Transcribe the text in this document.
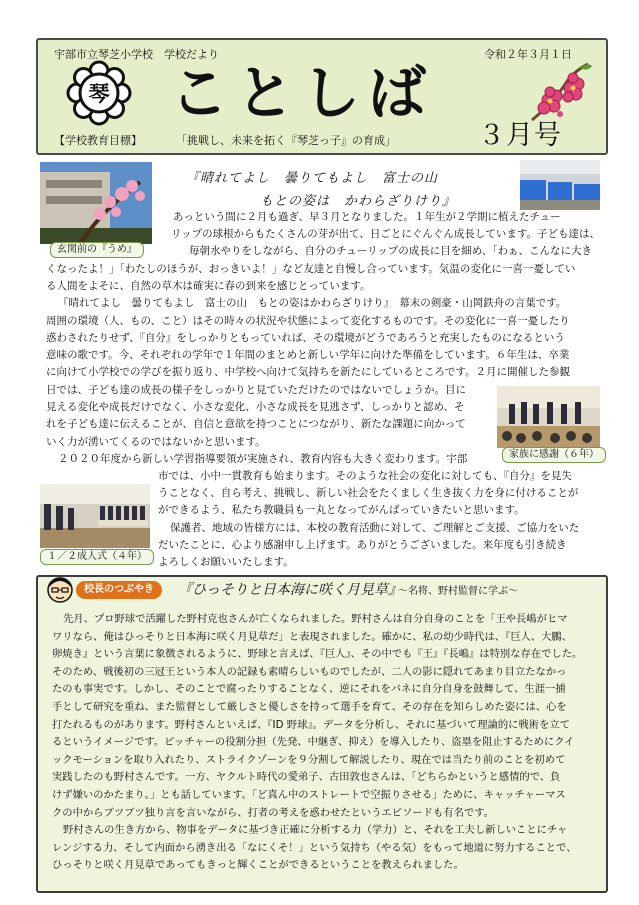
宇部市立琴芝小学校　学校だより	令和２年３月１日
琴 ことしば
【学校教育目標】	「挑戦し、未来を拓く『琴芝っ子』の育成」	３月号
玄関前の『うめ』
家族に感謝（６年）
１／２成人式（４年）
『晴れてよし　曇りてもよし　富士の山
もとの姿は　かわらざりけり』
あっという間に２月も過ぎ、早３月となりました。１年生が２学期に植えたチュー
リップの球根からもたくさんの芽が出て、日ごとにぐんぐん成長しています。子ども達は、
毎朝水やりをしながら、自分のチューリップの成長に目を細め、「わぁ、こんなに大き
くなったよ！」「わたしのほうが、おっきいよ！」など友達と自慢し合っています。気温の変化に一喜一憂してい
る人間をよそに、自然の草木は確実に春の到来を感じとっています。
『晴れてよし　曇りてもよし　富士の山　もとの姿はかわらざりけり』　幕末の剣豪・山岡鉄舟の言葉です。
周囲の環境（人、もの、こと）はその時々の状況や状態によって変化するものです。その変化に一喜一憂したり
惑わされたりせず、『自分』をしっかりともっていれば、その環境がどうであろうと充実したものになるという
意味の歌です。今、それぞれの学年で１年間のまとめと新しい学年に向けた準備をしています。６年生は、卒業
に向けて小学校での学びを振り返り、中学校へ向けて気持ちを新たにしているところです。２月に開催した参観
日では、子ども達の成長の様子をしっかりと見ていただけたのではないでしょうか。目に
見える変化や成長だけでなく、小さな変化、小さな成長を見逃さず、しっかりと認め、そ
れを子ども達に伝えることが、自信と意欲を持つことにつながり、新たな課題に向かって
いく力が湧いてくるのではないかと思います。
２０２０年度から新しい学習指導要領が実施され、教育内容も大きく変わります。宇部
市では、小中一貫教育も始まります。そのような社会の変化に対しても、『自分』を見失
うことなく、自ら考え、挑戦し、新しい社会をたくましく生き抜く力を身に付けることが
ができるよう、私たち教職員も一丸となってがんばっていきたいと思います。
保護者、地域の皆様方には、本校の教育活動に対して、ご理解とご支援、ご協力をいた
だいたことに、心より感謝申し上げます。ありがとうございました。来年度も引き続き
よろしくお願いいたします。
校長のつぶやき	『ひっそりと日本海に咲く月見草』
～名将、野村監督に学ぶ～
先月、プロ野球で活躍した野村克也さんが亡くなられました。野村さんは自分自身のことを「王や長嶋がヒマ
ワリなら、俺はひっそりと日本海に咲く月見草だ」と表現されました。確かに、私の幼少時代は、『巨人、大鵬、
卵焼き』という言葉に象徴されるように、野球と言えば、『巨人』、その中でも『王』『長嶋』は特別な存在でした。
そのため、戦後初の三冠王という本人の記録も素晴らしいものでしたが、二人の影に隠れてあまり目立たなかっ
たのも事実です。しかし、そのことで腐ったりすることなく、逆にそれをバネに自分自身を鼓舞して、生涯一捕
手として研究を重ね、また監督として厳しさと優しさを持って選手を育て、その存在を知らしめた姿には、心を
打たれるものがあります。野村さんといえば、『ID 野球』。データを分析し、それに基づいて理論的に戦術を立て
るというイメージです。ピッチャーの役割分担（先発、中継ぎ、抑え）を導入したり、盗塁を阻止するためにクイ
ックモーションを取り入れたり、ストライクゾーンを９分割して解説したり、現在では当たり前のことを初めて
実践したのも野村さんです。一方、ヤクルト時代の愛弟子、古田敦也さんは、「どちらかというと感情的で、負
けず嫌いのかたまり。」とも話しています。「ど真ん中のストレートで空振りさせる」ために、キャッチャーマス
クの中からブツブツ独り言を言いながら、打者の考えを惑わせたというエピソードも有名です。
野村さんの生き方から、物事をデータに基づき正確に分析する力（学力）と、それを工夫し新しいことにチャ
レンジする力、そして内面から湧き出る「なにくそ！」という気持ち（やる気）をもって地道に努力することで、
ひっそりと咲く月見草であってもきっと輝くことができるということを教えられました。
